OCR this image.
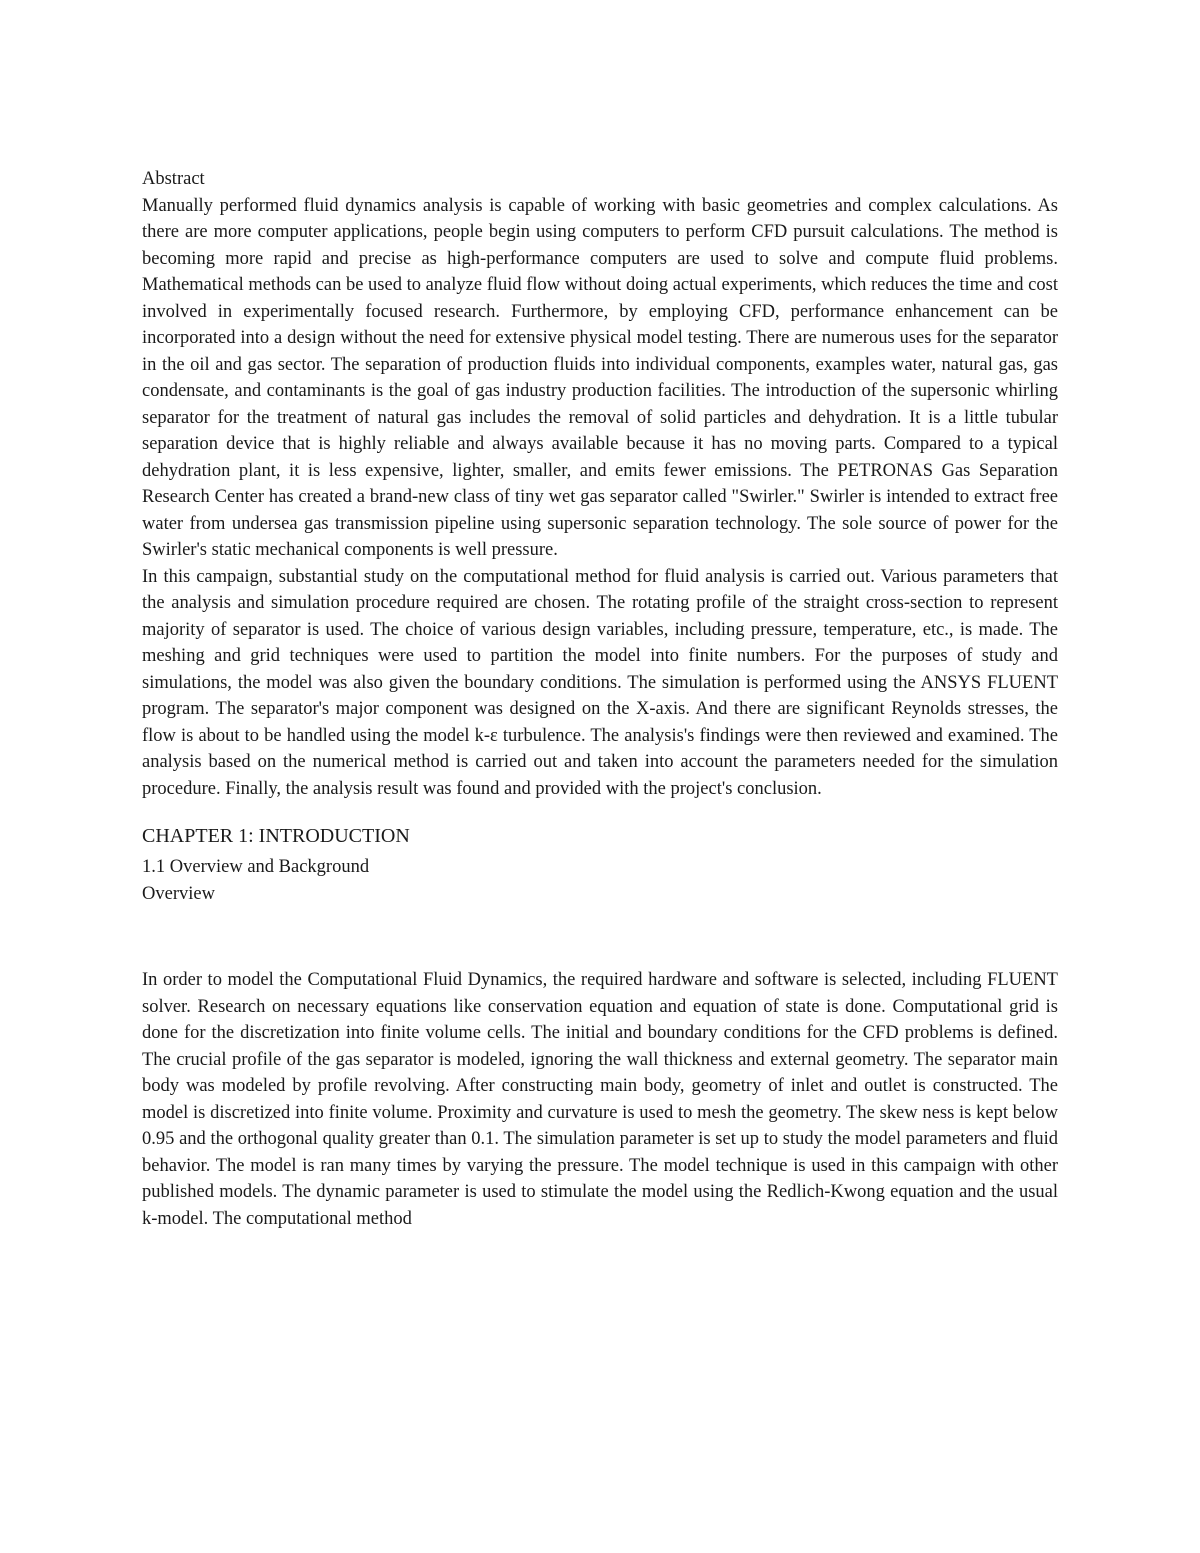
Abstract

Manually performed fluid dynamics analysis is capable of working with basic geometries and complex calculations. As there are more computer applications, people begin using computers to perform CFD pursuit calculations. The method is becoming more rapid and precise as high-performance computers are used to solve and compute fluid problems. Mathematical methods can be used to analyze fluid flow without doing actual experiments, which reduces the time and cost involved in experimentally focused research. Furthermore, by employing CFD, performance enhancement can be incorporated into a design without the need for extensive physical model testing. There are numerous uses for the separator in the oil and gas sector. The separation of production fluids into individual components, examples water, natural gas, gas condensate, and contaminants is the goal of gas industry production facilities. The introduction of the supersonic whirling separator for the treatment of natural gas includes the removal of solid particles and dehydration. It is a little tubular separation device that is highly reliable and always available because it has no moving parts. Compared to a typical dehydration plant, it is less expensive, lighter, smaller, and emits fewer emissions. The PETRONAS Gas Separation Research Center has created a brand-new class of tiny wet gas separator called "Swirler." Swirler is intended to extract free water from undersea gas transmission pipeline using supersonic separation technology. The sole source of power for the Swirler's static mechanical components is well pressure.

In this campaign, substantial study on the computational method for fluid analysis is carried out. Various parameters that the analysis and simulation procedure required are chosen. The rotating profile of the straight cross-section to represent majority of separator is used. The choice of various design variables, including pressure, temperature, etc., is made. The meshing and grid techniques were used to partition the model into finite numbers. For the purposes of study and simulations, the model was also given the boundary conditions. The simulation is performed using the ANSYS FLUENT program. The separator's major component was designed on the X-axis. And there are significant Reynolds stresses, the flow is about to be handled using the model k-ε turbulence. The analysis's findings were then reviewed and examined. The analysis based on the numerical method is carried out and taken into account the parameters needed for the simulation procedure. Finally, the analysis result was found and provided with the project's conclusion.

CHAPTER 1: INTRODUCTION

1.1 Overview and Background

Overview

In order to model the Computational Fluid Dynamics, the required hardware and software is selected, including FLUENT solver. Research on necessary equations like conservation equation and equation of state is done. Computational grid is done for the discretization into finite volume cells. The initial and boundary conditions for the CFD problems is defined. The crucial profile of the gas separator is modeled, ignoring the wall thickness and external geometry. The separator main body was modeled by profile revolving. After constructing main body, geometry of inlet and outlet is constructed. The model is discretized into finite volume. Proximity and curvature is used to mesh the geometry. The skew ness is kept below 0.95 and the orthogonal quality greater than 0.1. The simulation parameter is set up to study the model parameters and fluid behavior. The model is ran many times by varying the pressure. The model technique is used in this campaign with other published models. The dynamic parameter is used to stimulate the model using the Redlich-Kwong equation and the usual k-model. The computational method
